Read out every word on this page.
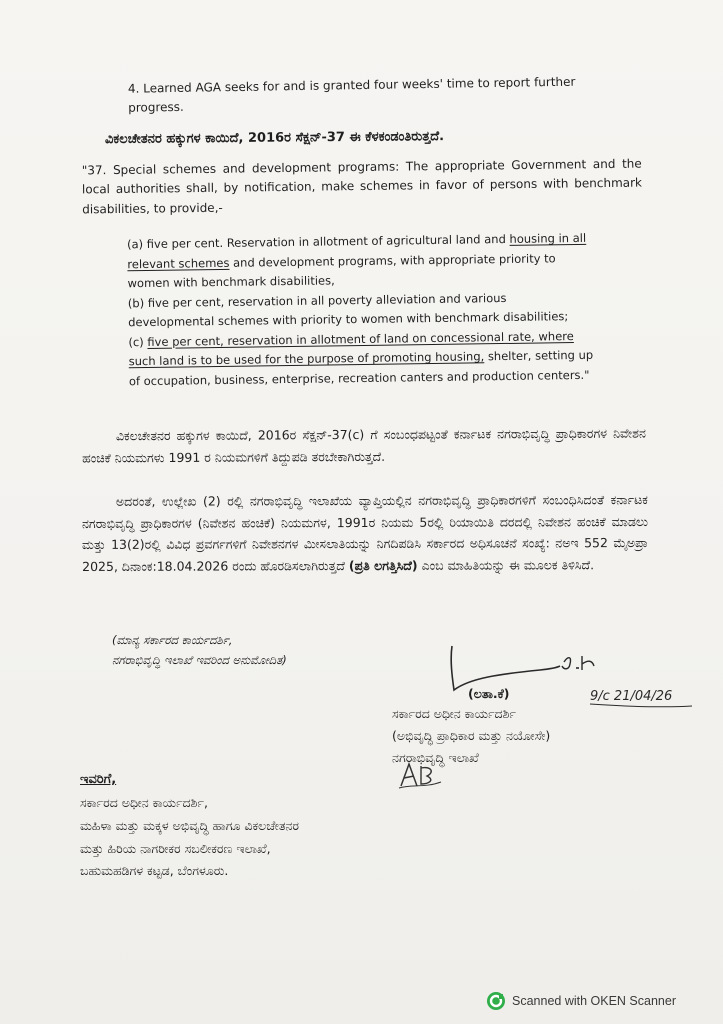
4. Learned AGA seeks for and is granted four weeks' time to report further progress.
ವಿಕಲಚೇತನರ ಹಕ್ಕುಗಳ ಕಾಯಿದೆ, 2016ರ ಸೆಕ್ಷನ್-37 ಈ ಕೆಳಕಂಡಂತಿರುತ್ತದೆ.
"37. Special schemes and development programs: The appropriate Government and the local authorities shall, by notification, make schemes in favor of persons with benchmark disabilities, to provide,-

(a) five per cent. Reservation in allotment of agricultural land and housing in all relevant schemes and development programs, with appropriate priority to women with benchmark disabilities,

(b) five per cent, reservation in all poverty alleviation and various developmental schemes with priority to women with benchmark disabilities;

(c) five per cent, reservation in allotment of land on concessional rate, where such land is to be used for the purpose of promoting housing, shelter, setting up of occupation, business, enterprise, recreation canters and production centers."

ವಿಕಲಚೇತನರ ಹಕ್ಕುಗಳ ಕಾಯಿದೆ, 2016ರ ಸೆಕ್ಷನ್-37(c) ಗೆ ಸಂಬಂಧಪಟ್ಟಂತೆ ಕರ್ನಾಟಕ ನಗರಾಭಿವೃದ್ಧಿ ಪ್ರಾಧಿಕಾರಗಳ ನಿವೇಶನ ಹಂಚಿಕೆ ನಿಯಮಗಳು 1991 ರ ನಿಯಮಗಳಿಗೆ ತಿದ್ದುಪಡಿ ತರಬೇಕಾಗಿರುತ್ತದೆ.
ಅದರಂತೆ, ಉಲ್ಲೇಖ (2) ರಲ್ಲಿ ನಗರಾಭಿವೃದ್ಧಿ ಇಲಾಖೆಯ ವ್ಯಾಪ್ತಿಯಲ್ಲಿನ ನಗರಾಭಿವೃದ್ಧಿ ಪ್ರಾಧಿಕಾರಗಳಿಗೆ ಸಂಬಂಧಿಸಿದಂತೆ ಕರ್ನಾಟಕ ನಗರಾಭಿವೃದ್ಧಿ ಪ್ರಾಧಿಕಾರಗಳ (ನಿವೇಶನ ಹಂಚಿಕೆ) ನಿಯಮಗಳ, 1991ರ ನಿಯಮ 5ರಲ್ಲಿ ರಿಯಾಯಿತಿ ದರದಲ್ಲಿ ನಿವೇಶನ ಹಂಚಿಕೆ ಮಾಡಲು ಮತ್ತು 13(2)ರಲ್ಲಿ ವಿವಿಧ ಪ್ರವರ್ಗಗಳಿಗೆ ನಿವೇಶನಗಳ ಮೀಸಲಾತಿಯನ್ನು ನಿಗದಿಪಡಿಸಿ ಸರ್ಕಾರದ ಅಧಿಸೂಚನೆ ಸಂಖ್ಯೆ: ನಅಇ 552 ಮೈಅಪ್ರಾ 2025, ದಿನಾಂಕ:18.04.2026 ರಂದು ಹೊರಡಿಸಲಾಗಿರುತ್ತದೆ (ಪ್ರತಿ ಲಗತ್ತಿಸಿದೆ) ಎಂಬ ಮಾಹಿತಿಯನ್ನು ಈ ಮೂಲಕ ತಿಳಿಸಿದೆ.
(ಮಾನ್ಯ ಸರ್ಕಾರದ ಕಾರ್ಯದರ್ಶಿ,
ನಗರಾಭಿವೃದ್ಧಿ ಇಲಾಖೆ ಇವರಿಂದ ಅನುಮೋದಿತ)
9/c 21/04/26
(ಲತಾ.ಕೆ)
ಸರ್ಕಾರದ ಅಧೀನ ಕಾರ್ಯದರ್ಶಿ
(ಅಭಿವೃದ್ಧಿ ಪ್ರಾಧಿಕಾರ ಮತ್ತು ನಯೋಸೇ)
ನಗರಾಭಿವೃದ್ಧಿ ಇಲಾಖೆ
ಇವರಿಗೆ,
ಸರ್ಕಾರದ ಅಧೀನ ಕಾರ್ಯದರ್ಶಿ,
ಮಹಿಳಾ ಮತ್ತು ಮಕ್ಕಳ ಅಭಿವೃದ್ಧಿ ಹಾಗೂ ವಿಕಲಚೇತನರ
ಮತ್ತು ಹಿರಿಯ ನಾಗರೀಕರ ಸಬಲೀಕರಣ ಇಲಾಖೆ,
ಬಹುಮಹಡಿಗಳ ಕಟ್ಟಡ, ಬೆಂಗಳೂರು.
Scanned with OKEN Scanner
